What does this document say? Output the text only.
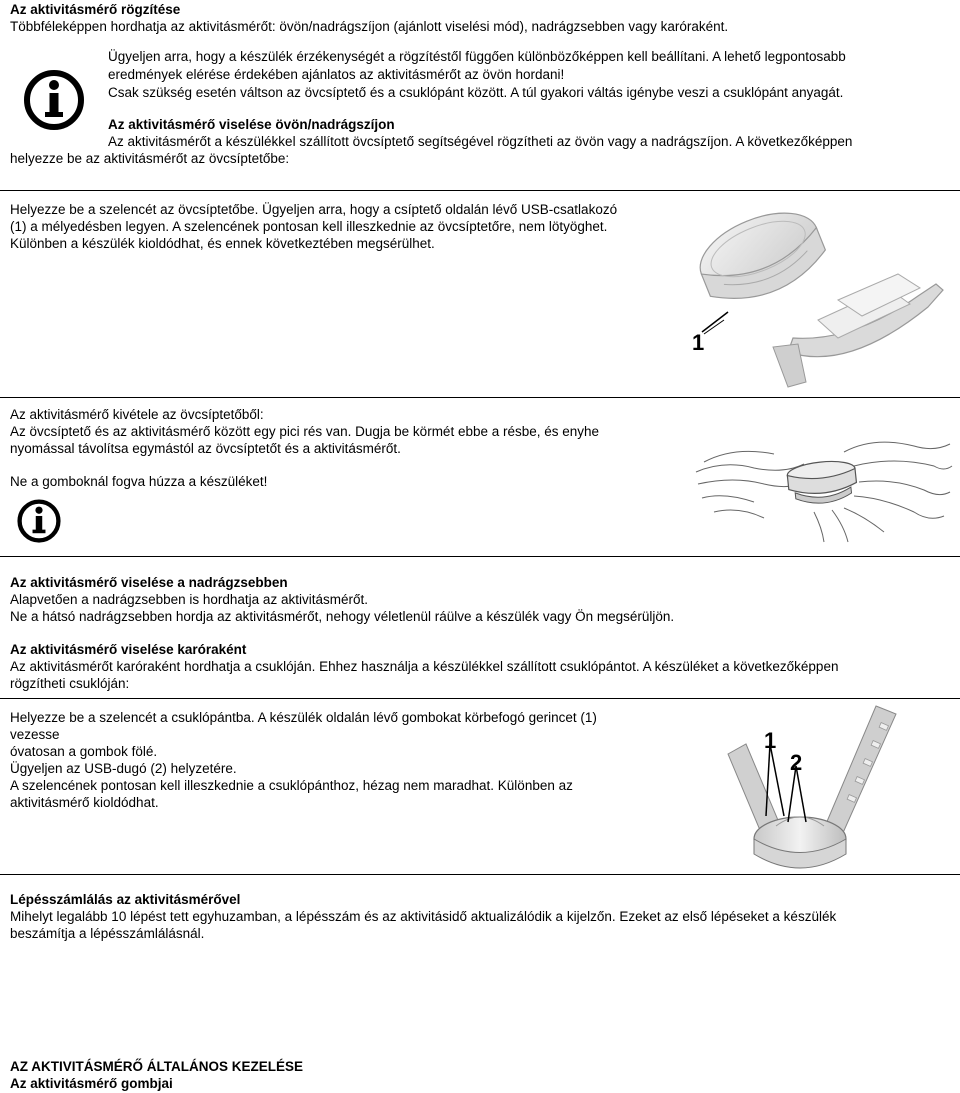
Az aktivitásmérő rögzítése
Többféleképpen hordhatja az aktivitásmérőt: övön/nadrágszíjon (ajánlott viselési mód), nadrágzsebben vagy karóraként.
Ügyeljen arra, hogy a készülék érzékenységét a rögzítéstől függően különbözőképpen kell beállítani. A lehető legpontosabb
eredmények elérése érdekében ajánlatos az aktivitásmérőt az övön hordani!
Csak szükség esetén váltson az övcsíptető és a csuklópánt között. A túl gyakori váltás igénybe veszi a csuklópánt anyagát.
Az aktivitásmérő viselése övön/nadrágszíjon
Az aktivitásmérőt a készülékkel szállított övcsíptető segítségével rögzítheti az övön vagy a nadrágszíjon. A következőképpen
helyezze be az aktivitásmérőt az övcsíptetőbe:
Helyezze be a szelencét az övcsíptetőbe. Ügyeljen arra, hogy a csíptető oldalán lévő USB-csatlakozó
(1) a mélyedésben legyen. A szelencének pontosan kell illeszkednie az övcsíptetőre, nem lötyöghet.
Különben a készülék kioldódhat, és ennek következtében megsérülhet.
1
Az aktivitásmérő kivétele az övcsíptetőből:
Az övcsíptető és az aktivitásmérő között egy pici rés van. Dugja be körmét ebbe a résbe, és enyhe
nyomással távolítsa egymástól az övcsíptetőt és a aktivitásmérőt.
Ne a gomboknál fogva húzza a készüléket!
Az aktivitásmérő viselése a nadrágzsebben
Alapvetően a nadrágzsebben is hordhatja az aktivitásmérőt.
Ne a hátsó nadrágzsebben hordja az aktivitásmérőt, nehogy véletlenül ráülve a készülék vagy Ön megsérüljön.
Az aktivitásmérő viselése karóraként
Az aktivitásmérőt karóraként hordhatja a csuklóján. Ehhez használja a készülékkel szállított csuklópántot. A készüléket a következőképpen
rögzítheti csuklóján:
Helyezze be a szelencét a csuklópántba. A készülék oldalán lévő gombokat körbefogó gerincet (1)
vezesse
óvatosan a gombok fölé.
Ügyeljen az USB-dugó (2) helyzetére.
A szelencének pontosan kell illeszkednie a csuklópánthoz, hézag nem maradhat. Különben az
aktivitásmérő kioldódhat.
1
2
Lépésszámlálás az aktivitásmérővel
Mihelyt legalább 10 lépést tett egyhuzamban, a lépésszám és az aktivitásidő aktualizálódik a kijelzőn. Ezeket az első lépéseket a készülék
beszámítja a lépésszámlálásnál.
AZ AKTIVITÁSMÉRŐ ÁLTALÁNOS KEZELÉSE
Az aktivitásmérő gombjai
